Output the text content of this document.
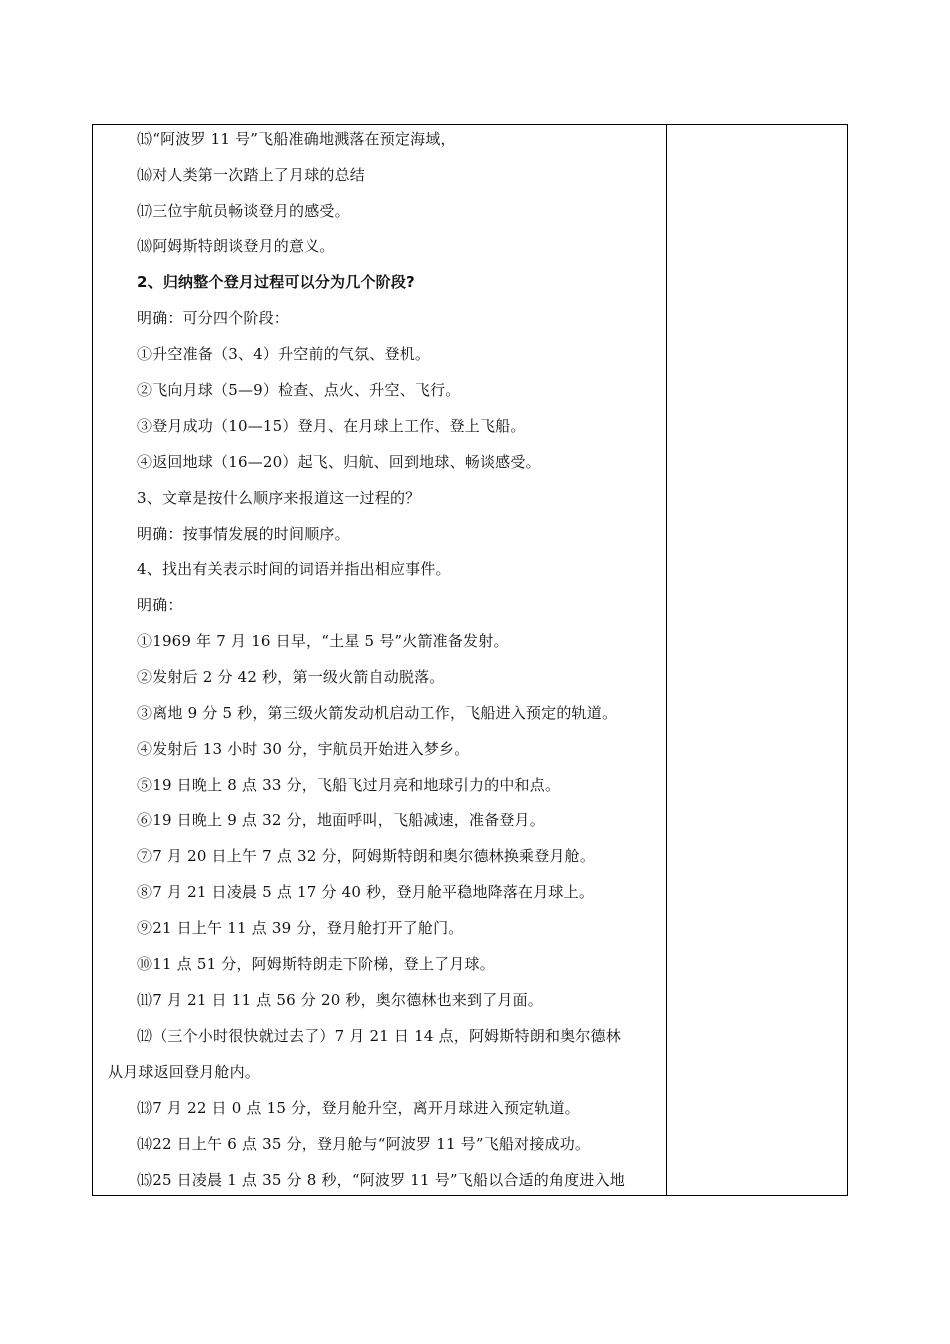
⒂“阿波罗 11 号”飞船准确地溅落在预定海域，
⒃对人类第一次踏上了月球的总结
⒄三位宇航员畅谈登月的感受。
⒅阿姆斯特朗谈登月的意义。
2、归纳整个登月过程可以分为几个阶段?
明确：可分四个阶段：
①升空准备（3、4）升空前的气氛、登机。
②飞向月球（5—9）检查、点火、升空、飞行。
③登月成功（10—15）登月、在月球上工作、登上飞船。
④返回地球（16—20）起飞、归航、回到地球、畅谈感受。
3、文章是按什么顺序来报道这一过程的？
明确：按事情发展的时间顺序。
4、找出有关表示时间的词语并指出相应事件。
明确：
①1969 年 7 月 16 日早，“土星 5 号”火箭准备发射。
②发射后 2 分 42 秒，第一级火箭自动脱落。
③离地 9 分 5 秒，第三级火箭发动机启动工作，飞船进入预定的轨道。
④发射后 13 小时 30 分，宇航员开始进入梦乡。
⑤19 日晚上 8 点 33 分，飞船飞过月亮和地球引力的中和点。
⑥19 日晚上 9 点 32 分，地面呼叫，飞船减速，准备登月。
⑦7 月 20 日上午 7 点 32 分，阿姆斯特朗和奥尔德林换乘登月舱。
⑧7 月 21 日凌晨 5 点 17 分 40 秒，登月舱平稳地降落在月球上。
⑨21 日上午 11 点 39 分，登月舱打开了舱门。
⑩11 点 51 分，阿姆斯特朗走下阶梯，登上了月球。
⑾7 月 21 日 11 点 56 分 20 秒，奥尔德林也来到了月面。
⑿（三个小时很快就过去了）7 月 21 日 14 点，阿姆斯特朗和奥尔德林
从月球返回登月舱内。
⒀7 月 22 日 0 点 15 分，登月舱升空，离开月球进入预定轨道。
⒁22 日上午 6 点 35 分，登月舱与“阿波罗 11 号”飞船对接成功。
⒂25 日凌晨 1 点 35 分 8 秒，“阿波罗 11 号”飞船以合适的角度进入地
